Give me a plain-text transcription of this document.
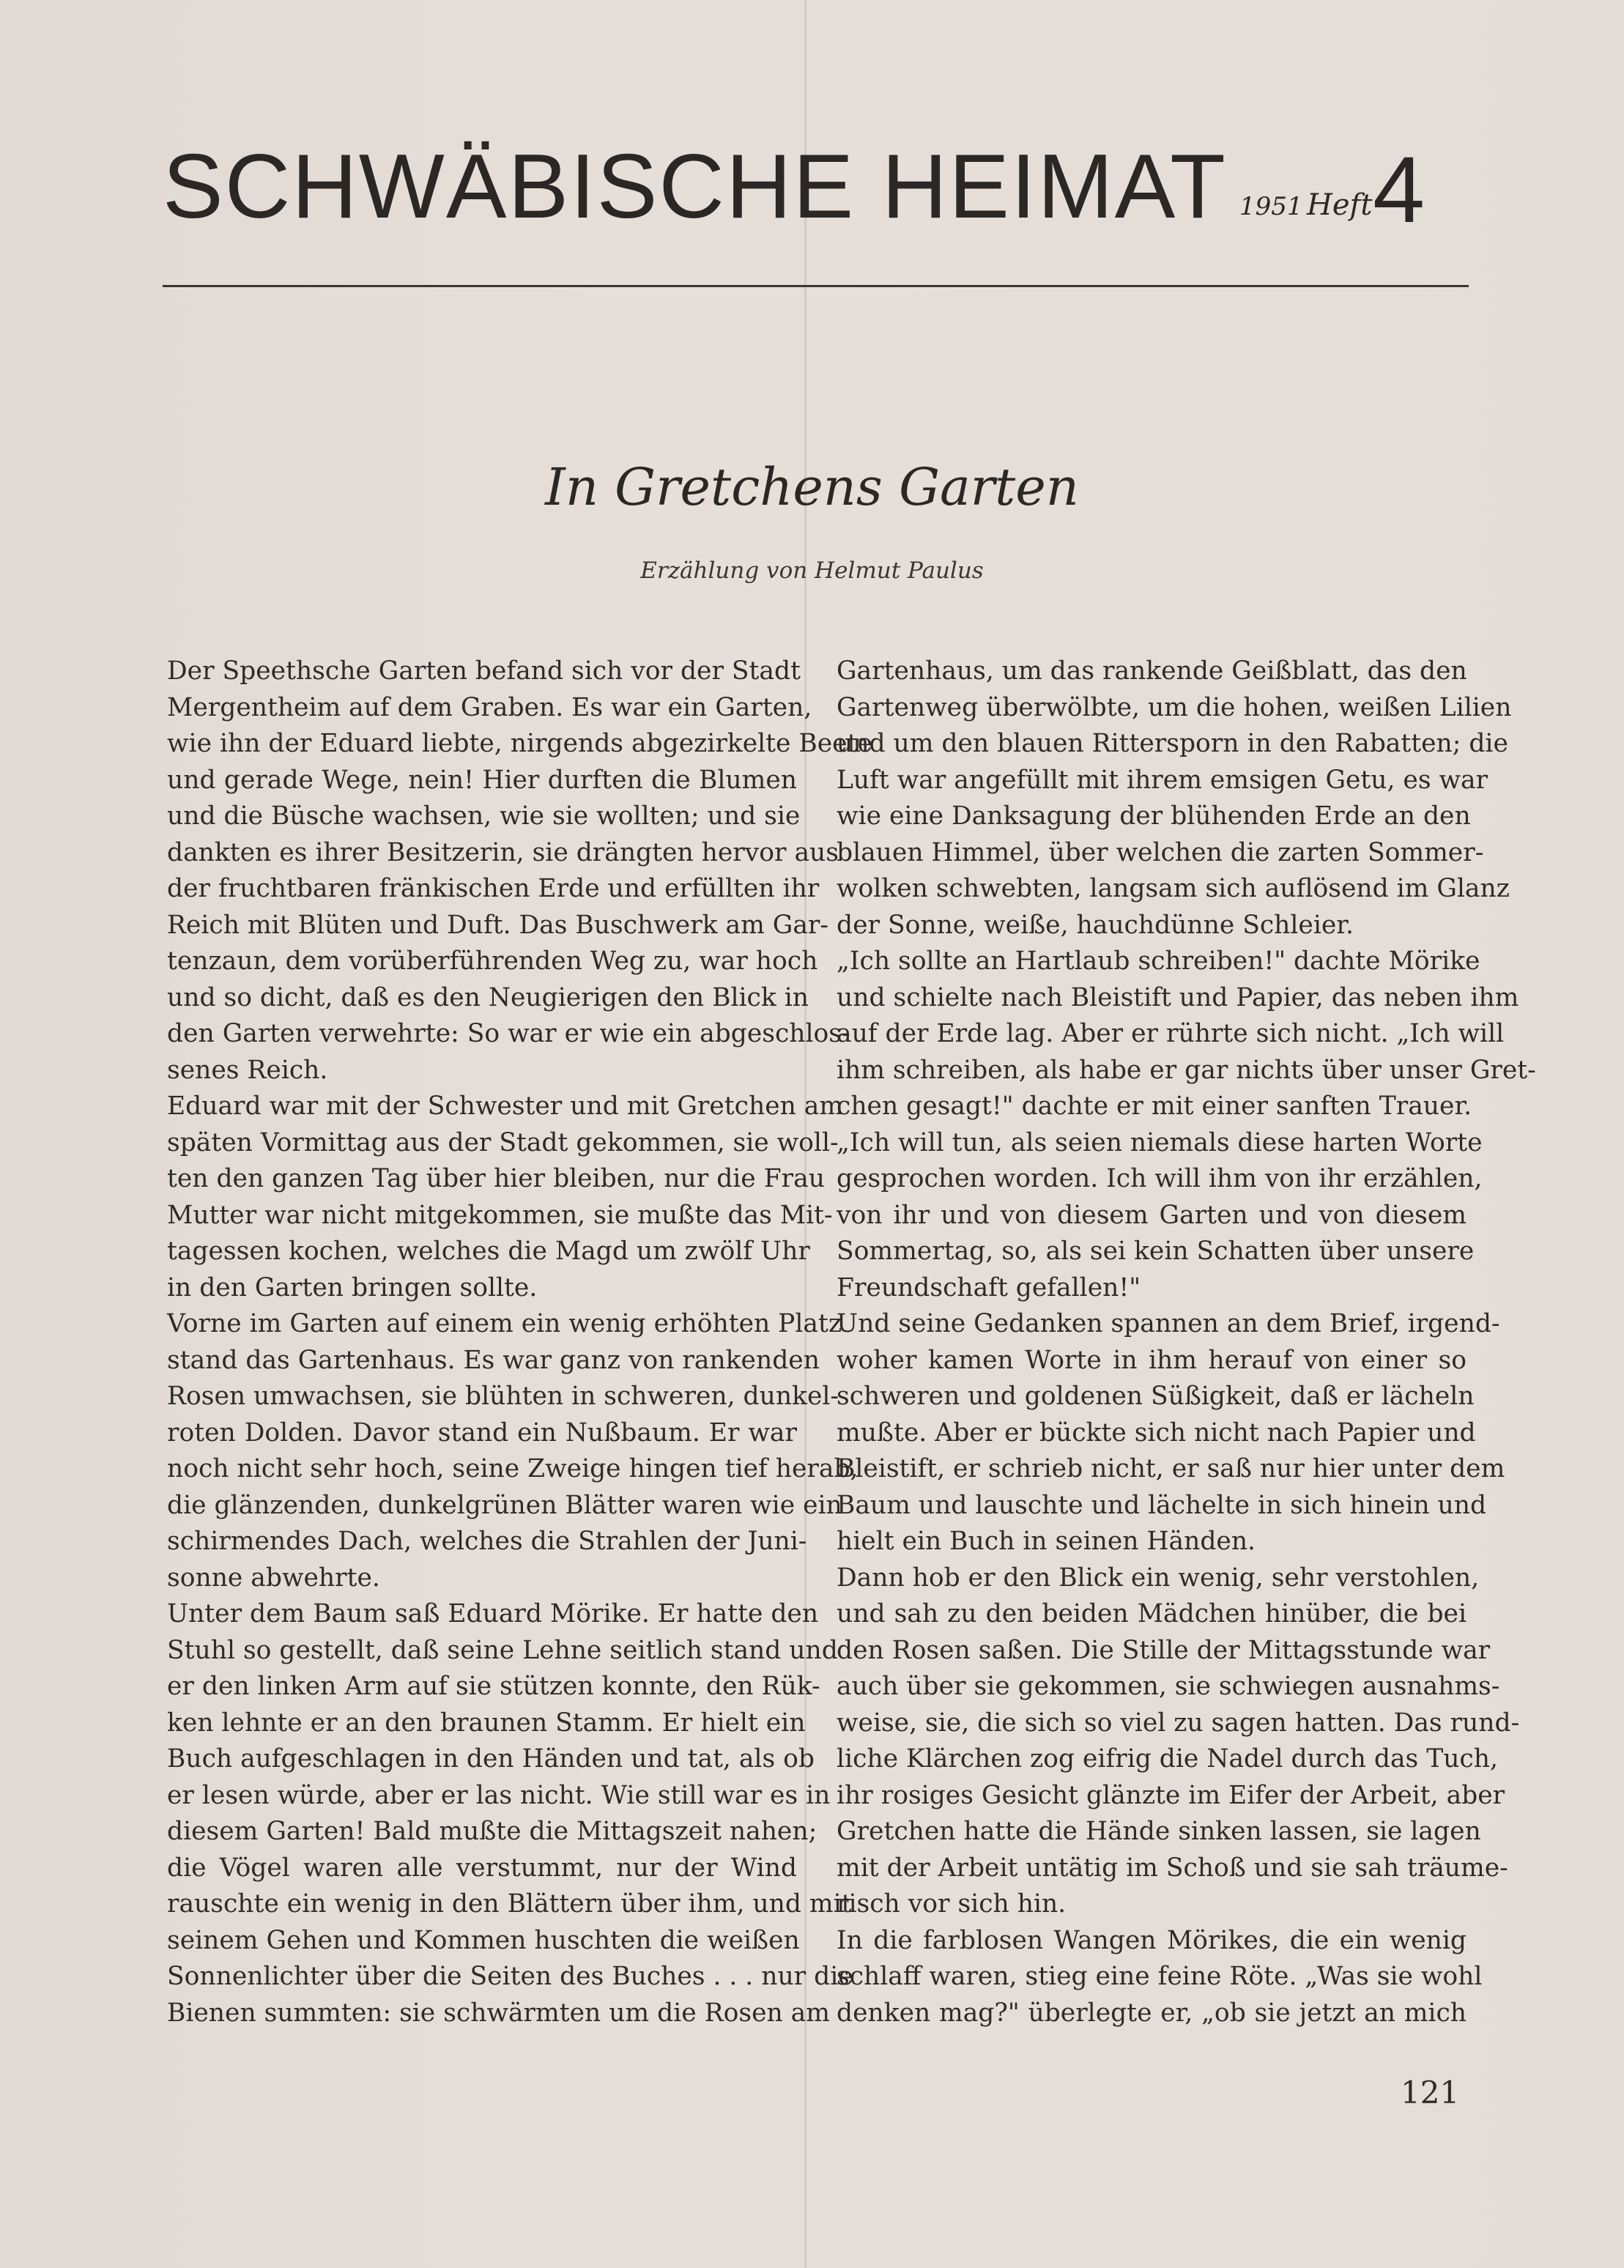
SCHWÄBISCHE HEIMAT 1951 Heft 4
In Gretchens Garten
Erzählung von Helmut Paulus
Der Speethsche Garten befand sich vor der Stadt
Mergentheim auf dem Graben. Es war ein Garten,
wie ihn der Eduard liebte, nirgends abgezirkelte Beete
und gerade Wege, nein! Hier durften die Blumen
und die Büsche wachsen, wie sie wollten; und sie
dankten es ihrer Besitzerin, sie drängten hervor aus
der fruchtbaren fränkischen Erde und erfüllten ihr
Reich mit Blüten und Duft. Das Buschwerk am Gar-
tenzaun, dem vorüberführenden Weg zu, war hoch
und so dicht, daß es den Neugierigen den Blick in
den Garten verwehrte: So war er wie ein abgeschlos-
senes Reich.
Eduard war mit der Schwester und mit Gretchen am
späten Vormittag aus der Stadt gekommen, sie woll-
ten den ganzen Tag über hier bleiben, nur die Frau
Mutter war nicht mitgekommen, sie mußte das Mit-
tagessen kochen, welches die Magd um zwölf Uhr
in den Garten bringen sollte.
Vorne im Garten auf einem ein wenig erhöhten Platz
stand das Gartenhaus. Es war ganz von rankenden
Rosen umwachsen, sie blühten in schweren, dunkel-
roten Dolden. Davor stand ein Nußbaum. Er war
noch nicht sehr hoch, seine Zweige hingen tief herab,
die glänzenden, dunkelgrünen Blätter waren wie ein
schirmendes Dach, welches die Strahlen der Juni-
sonne abwehrte.
Unter dem Baum saß Eduard Mörike. Er hatte den
Stuhl so gestellt, daß seine Lehne seitlich stand und
er den linken Arm auf sie stützen konnte, den Rük-
ken lehnte er an den braunen Stamm. Er hielt ein
Buch aufgeschlagen in den Händen und tat, als ob
er lesen würde, aber er las nicht. Wie still war es in
diesem Garten! Bald mußte die Mittagszeit nahen;
die Vögel waren alle verstummt, nur der Wind
rauschte ein wenig in den Blättern über ihm, und mit
seinem Gehen und Kommen huschten die weißen
Sonnenlichter über die Seiten des Buches . . . nur die
Bienen summten: sie schwärmten um die Rosen am
Gartenhaus, um das rankende Geißblatt, das den
Gartenweg überwölbte, um die hohen, weißen Lilien
und um den blauen Rittersporn in den Rabatten; die
Luft war angefüllt mit ihrem emsigen Getu, es war
wie eine Danksagung der blühenden Erde an den
blauen Himmel, über welchen die zarten Sommer-
wolken schwebten, langsam sich auflösend im Glanz
der Sonne, weiße, hauchdünne Schleier.
„Ich sollte an Hartlaub schreiben!" dachte Mörike
und schielte nach Bleistift und Papier, das neben ihm
auf der Erde lag. Aber er rührte sich nicht. „Ich will
ihm schreiben, als habe er gar nichts über unser Gret-
chen gesagt!" dachte er mit einer sanften Trauer.
„Ich will tun, als seien niemals diese harten Worte
gesprochen worden. Ich will ihm von ihr erzählen,
von ihr und von diesem Garten und von diesem
Sommertag, so, als sei kein Schatten über unsere
Freundschaft gefallen!"
Und seine Gedanken spannen an dem Brief, irgend-
woher kamen Worte in ihm herauf von einer so
schweren und goldenen Süßigkeit, daß er lächeln
mußte. Aber er bückte sich nicht nach Papier und
Bleistift, er schrieb nicht, er saß nur hier unter dem
Baum und lauschte und lächelte in sich hinein und
hielt ein Buch in seinen Händen.
Dann hob er den Blick ein wenig, sehr verstohlen,
und sah zu den beiden Mädchen hinüber, die bei
den Rosen saßen. Die Stille der Mittagsstunde war
auch über sie gekommen, sie schwiegen ausnahms-
weise, sie, die sich so viel zu sagen hatten. Das rund-
liche Klärchen zog eifrig die Nadel durch das Tuch,
ihr rosiges Gesicht glänzte im Eifer der Arbeit, aber
Gretchen hatte die Hände sinken lassen, sie lagen
mit der Arbeit untätig im Schoß und sie sah träume-
risch vor sich hin.
In die farblosen Wangen Mörikes, die ein wenig
schlaff waren, stieg eine feine Röte. „Was sie wohl
denken mag?" überlegte er, „ob sie jetzt an mich
121
